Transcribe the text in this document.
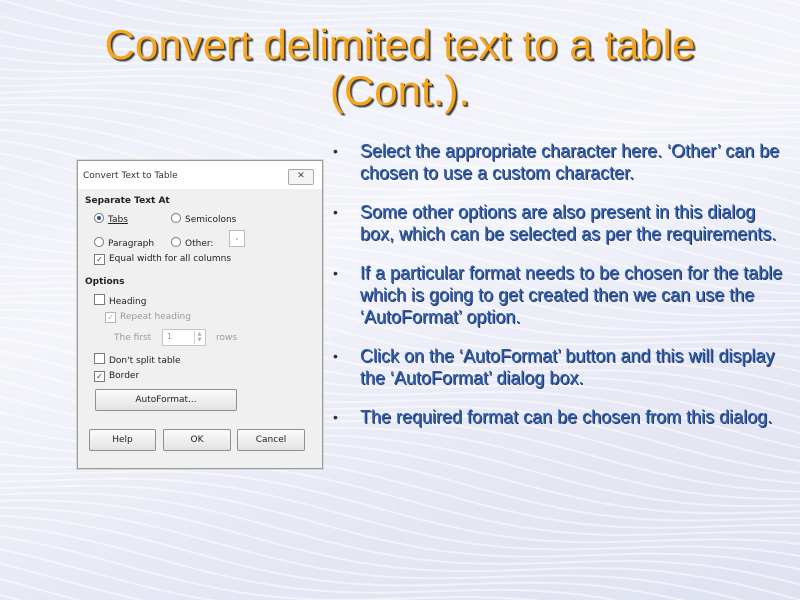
Convert delimited text to a table
(Cont.).
Convert Text to Table	✕
Separate Text At
Tabs	Semicolons
Paragraph	Other:
,
✓ Equal width for all columns
Options
Heading
✓ Repeat heading
The first 1	▲
▼ rows
Don't split table
✓ Border
AutoFormat...
Help	OK	Cancel
• Select the appropriate character here. ‘Other’ can be chosen to use a custom character.
• Some other options are also present in this dialog box, which can be selected as per the requirements.
• If a particular format needs to be chosen for the table which is going to get created then we can use the ‘AutoFormat’ option.
• Click on the ‘AutoFormat’ button and this will display the ‘AutoFormat’ dialog box.
• The required format can be chosen from this dialog.
